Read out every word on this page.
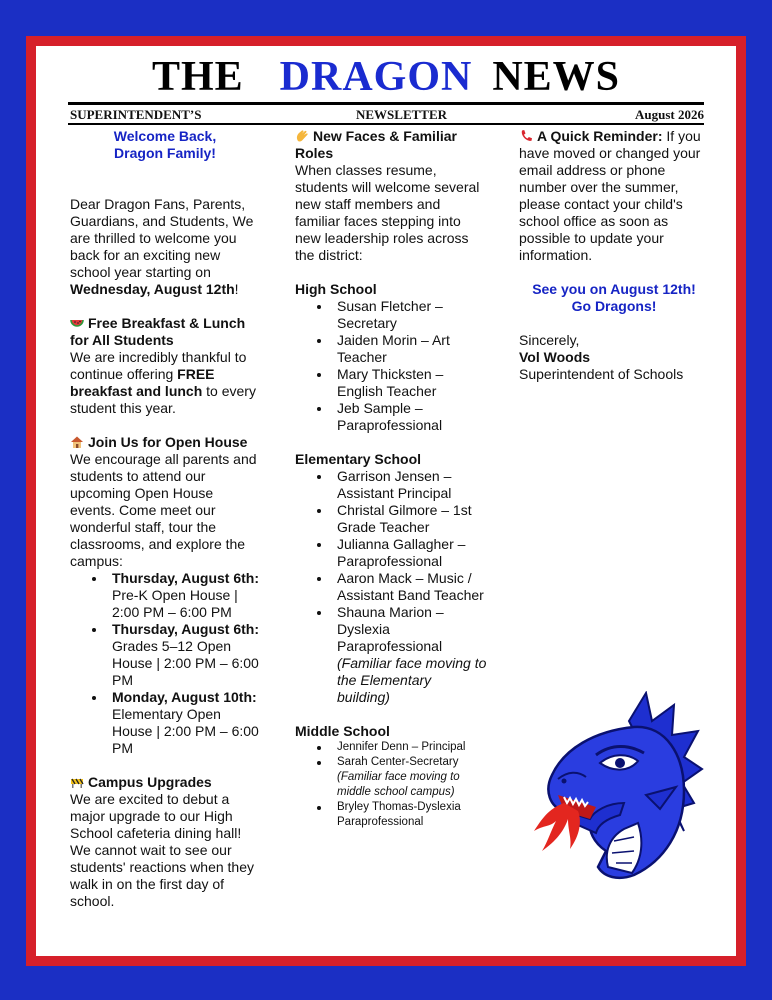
THE DRAGON NEWS
SUPERINTENDENT’S	NEWSLETTER	August 2026
Welcome Back,
Dragon Family!
Dear Dragon Fans, Parents, Guardians, and Students, We are thrilled to welcome you back for an exciting new school year starting on Wednesday, August 12th!
Free Breakfast & Lunch for All Students
We are incredibly thankful to continue offering FREE breakfast and lunch to every student this year.
Join Us for Open House
We encourage all parents and students to attend our upcoming Open House events. Come meet our wonderful staff, tour the classrooms, and explore the campus:
Thursday, August 6th:
Pre-K Open House | 2:00 PM – 6:00 PM
Thursday, August 6th:
Grades 5–12 Open House | 2:00 PM – 6:00 PM
Monday, August 10th:
Elementary Open House | 2:00 PM – 6:00 PM
Campus Upgrades
We are excited to debut a major upgrade to our High School cafeteria dining hall! We cannot wait to see our students' reactions when they walk in on the first day of school.
New Faces & Familiar Roles
When classes resume, students will welcome several new staff members and familiar faces stepping into new leadership roles across the district:
High School
Susan Fletcher – Secretary
Jaiden Morin – Art Teacher
Mary Thicksten – English Teacher
Jeb Sample – Paraprofessional
Elementary School
Garrison Jensen – Assistant Principal
Christal Gilmore – 1st Grade Teacher
Julianna Gallagher – Paraprofessional
Aaron Mack – Music / Assistant Band Teacher
Shauna Marion – Dyslexia Paraprofessional
(Familiar face moving to the Elementary building)
Middle School
Jennifer Denn – Principal
Sarah Center-Secretary
(Familiar face moving to middle school campus)
Bryley Thomas-Dyslexia Paraprofessional
A Quick Reminder: If you have moved or changed your email address or phone number over the summer, please contact your child's school office as soon as possible to update your information.
See you on August 12th!
Go Dragons!
Sincerely,
Vol Woods
Superintendent of Schools
